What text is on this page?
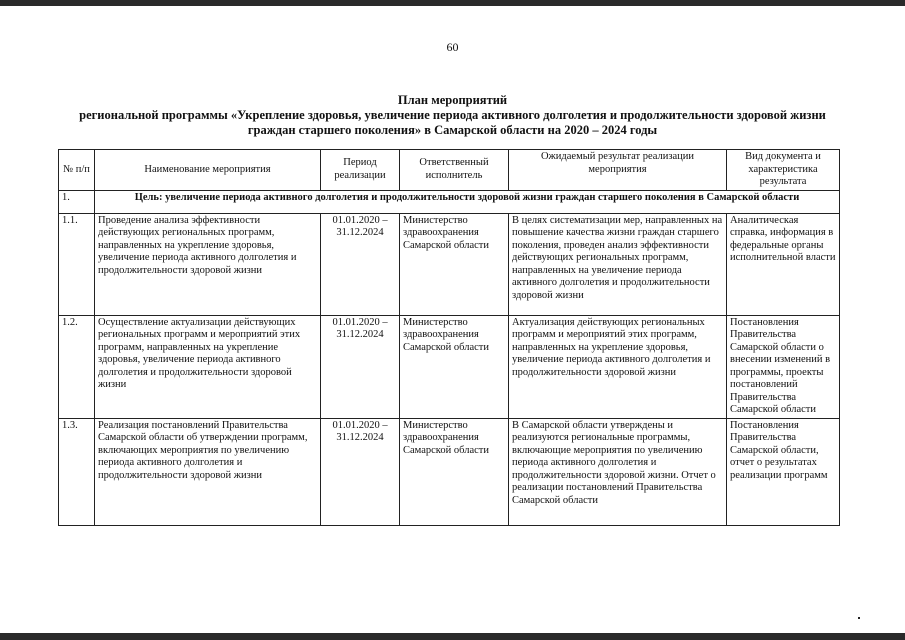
60
План мероприятий
региональной программы «Укрепление здоровья, увеличение периода активного долголетия и продолжительности здоровой жизни
граждан старшего поколения» в Самарской области на 2020 – 2024 годы
№ п/п	Наименование мероприятия	Период реализации	Ответственный исполнитель	Ожидаемый результат реализации мероприятия	Вид документа и характеристика результата
1.	Цель: увеличение периода активного долголетия и продолжительности здоровой жизни граждан старшего поколения в Самарской области				
1.1.	Проведение анализа эффективности действующих региональных программ, направленных на укрепление здоровья, увеличение периода активного долголетия и продолжительности здоровой жизни	01.01.2020 – 31.12.2024	Министерство здравоохранения Самарской области	В целях систематизации мер, направленных на повышение качества жизни граждан старшего поколения, проведен анализ эффективности действующих региональных программ, направленных на увеличение периода активного долголетия и продолжительности здоровой жизни	Аналитическая справка, информация в федеральные органы исполнительной власти
1.2.	Осуществление актуализации действующих региональных программ и мероприятий этих программ, направленных на укрепление здоровья, увеличение периода активного долголетия и продолжительности здоровой жизни	01.01.2020 – 31.12.2024	Министерство здравоохранения Самарской области	Актуализация действующих региональных программ и мероприятий этих программ, направленных на укрепление здоровья, увеличение периода активного долголетия и продолжительности здоровой жизни	Постановления Правительства Самарской области о внесении изменений в программы, проекты постановлений Правительства Самарской области
1.3.	Реализация постановлений Правительства Самарской области об утверждении программ, включающих мероприятия по увеличению периода активного долголетия и продолжительности здоровой жизни	01.01.2020 – 31.12.2024	Министерство здравоохранения Самарской области	В Самарской области утверждены и реализуются региональные программы, включающие мероприятия по увеличению периода активного долголетия и продолжительности здоровой жизни. Отчет о реализации постановлений Правительства Самарской области	Постановления Правительства Самарской области, отчет о результатах реализации программ
